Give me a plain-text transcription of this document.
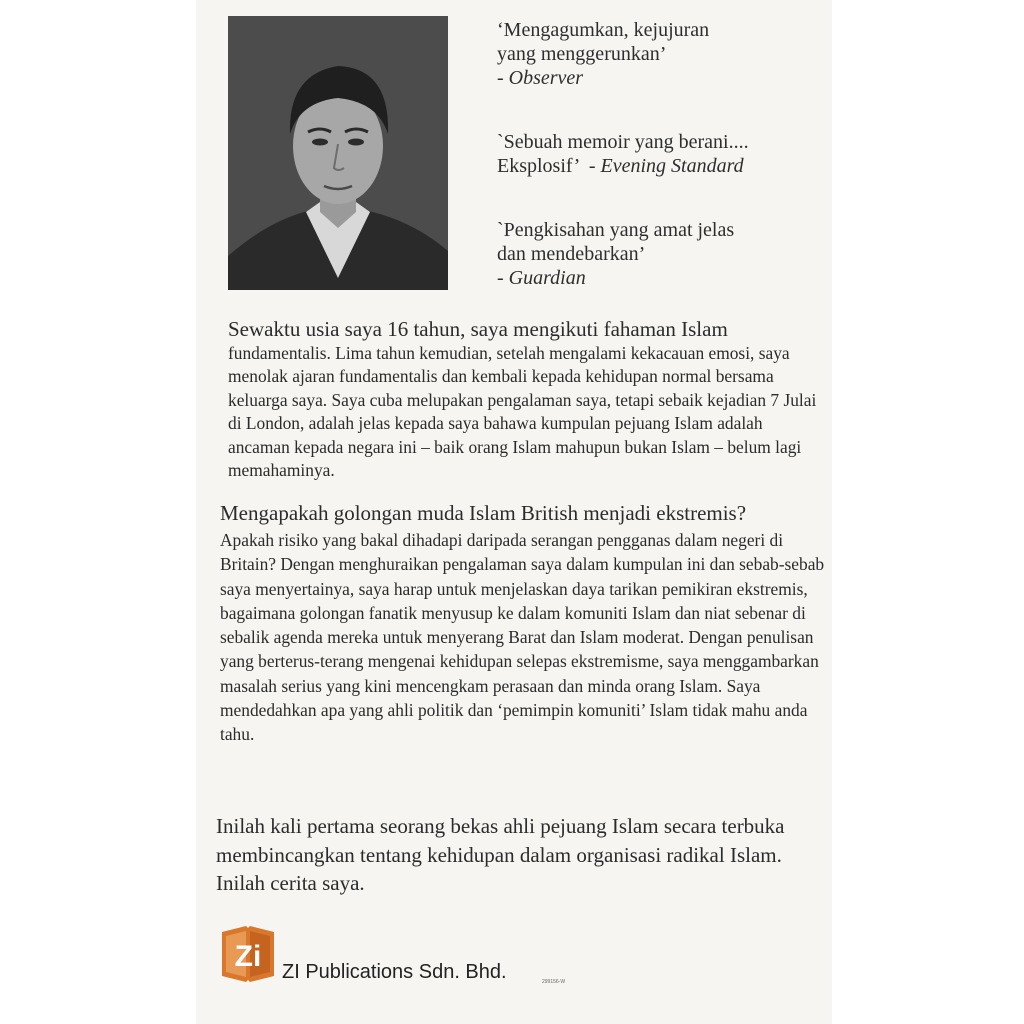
‘Mengagumkan, kejujuran
yang menggerunkan’
- Observer
`Sebuah memoir yang berani....
Eksplosif’ - Evening Standard
`Pengkisahan yang amat jelas
dan mendebarkan’
- Guardian
Sewaktu usia saya 16 tahun, saya mengikuti fahaman Islam
fundamentalis. Lima tahun kemudian, setelah mengalami kekacauan emosi, saya menolak ajaran fundamentalis dan kembali kepada kehidupan normal bersama keluarga saya. Saya cuba melupakan pengalaman saya, tetapi sebaik kejadian 7 Julai di London, adalah jelas kepada saya bahawa kumpulan pejuang Islam adalah ancaman kepada negara ini – baik orang Islam mahupun bukan Islam – belum lagi memahaminya.
Mengapakah golongan muda Islam British menjadi ekstremis?
Apakah risiko yang bakal dihadapi daripada serangan pengganas dalam negeri di Britain? Dengan menghuraikan pengalaman saya dalam kumpulan ini dan sebab-sebab saya menyertainya, saya harap untuk menjelaskan daya tarikan pemikiran ekstremis, bagaimana golongan fanatik menyusup ke dalam komuniti Islam dan niat sebenar di sebalik agenda mereka untuk menyerang Barat dan Islam moderat. Dengan penulisan yang berterus-terang mengenai kehidupan selepas ekstremisme, saya menggambarkan masalah serius yang kini mencengkam perasaan dan minda orang Islam. Saya mendedahkan apa yang ahli politik dan ‘pemimpin komuniti’ Islam tidak mahu anda tahu.
Inilah kali pertama seorang bekas ahli pejuang Islam secara terbuka membincangkan tentang kehidupan dalam organisasi radikal Islam. Inilah cerita saya.
Zi ZI Publications Sdn. Bhd.	299156-W
